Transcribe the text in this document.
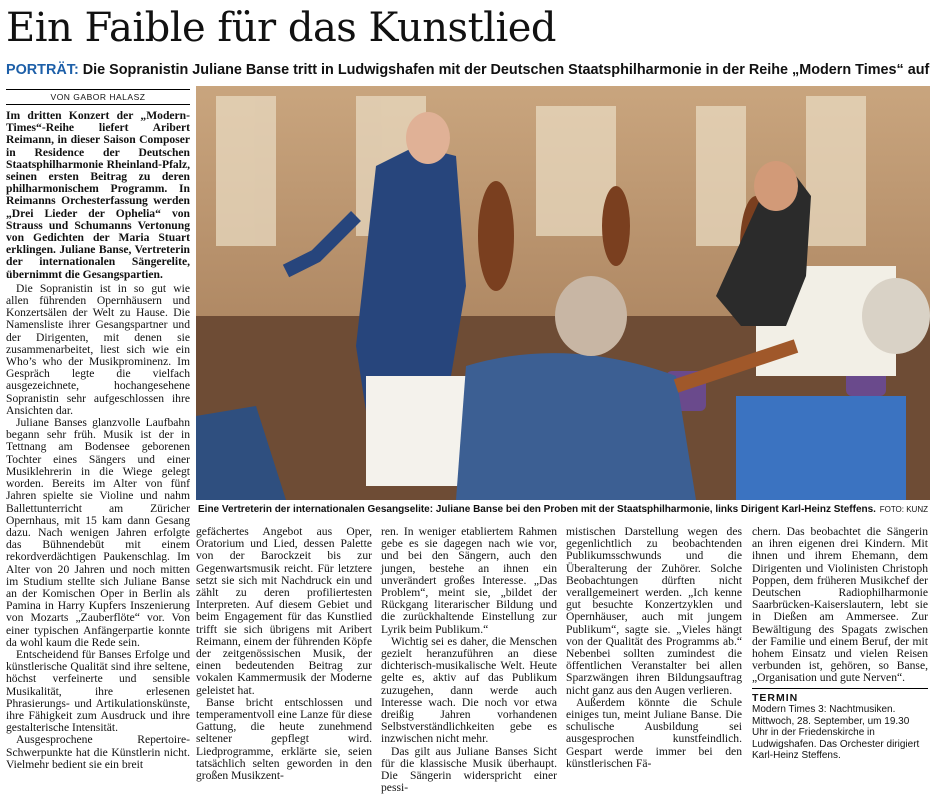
Ein Faible für das Kunstlied
PORTRÄT: Die Sopranistin Juliane Banse tritt in Ludwigshafen mit der Deutschen Staatsphilharmonie in der Reihe „Modern Times“ auf
VON GABOR HALASZ

Im dritten Konzert der „Modern-Times“-Reihe liefert Aribert Reimann, in dieser Saison Composer in Residence der Deutschen Staatsphilharmonie Rheinland-Pfalz, seinen ersten Beitrag zu deren philharmonischem Programm. In Reimanns Orchesterfassung werden „Drei Lieder der Ophelia“ von Strauss und Schumanns Vertonung von Gedichten der Maria Stuart erklingen. Juliane Banse, Vertreterin der internationalen Sängerelite, übernimmt die Gesangspartien.

Die Sopranistin ist in so gut wie allen führenden Opernhäusern und Konzertsälen der Welt zu Hause. Die Namensliste ihrer Gesangspartner und der Dirigenten, mit denen sie zusammenarbeitet, liest sich wie ein Who’s who der Musikprominenz. Im Gespräch legte die vielfach ausgezeichnete, hochangesehene Sopranistin sehr aufgeschlossen ihre Ansichten dar.

Juliane Banses glanzvolle Laufbahn begann sehr früh. Musik ist der in Tettnang am Bodensee geborenen Tochter eines Sängers und einer Musiklehrerin in die Wiege gelegt worden. Bereits im Alter von fünf Jahren spielte sie Violine und nahm Ballettunterricht am Züricher Opernhaus, mit 15 kam dann Gesang dazu. Nach wenigen Jahren erfolgte das Bühnendebüt mit einem rekordverdächtigen Paukenschlag. Im Alter von 20 Jahren und noch mitten im Studium stellte sich Juliane Banse an der Komischen Oper in Berlin als Pamina in Harry Kupfers Inszenierung von Mozarts „Zauberflöte“ vor. Von einer typischen Anfängerpartie konnte da wohl kaum die Rede sein.

Entscheidend für Banses Erfolge und künstlerische Qualität sind ihre seltene, höchst verfeinerte und sensible Musikalität, ihre erlesenen Phrasierungs- und Artikulationskünste, ihre Fähigkeit zum Ausdruck und ihre gestalterische Intensität.

Ausgesprochene Repertoire-Schwerpunkte hat die Künstlerin nicht. Vielmehr bedient sie ein breit

Eine Vertreterin der internationalen Gesangselite: Juliane Banse bei den Proben mit der Staatsphilharmonie, links Dirigent Karl-Heinz Steffens. FOTO: KUNZ

gefächertes Angebot aus Oper, Oratorium und Lied, dessen Palette von der Barockzeit bis zur Gegenwartsmusik reicht. Für letztere setzt sie sich mit Nachdruck ein und zählt zu deren profiliertesten Interpreten. Auf diesem Gebiet und beim Engagement für das Kunstlied trifft sie sich übrigens mit Aribert Reimann, einem der führenden Köpfe der zeitgenössischen Musik, der einen bedeutenden Beitrag zur vokalen Kammermusik der Moderne geleistet hat.

Banse bricht entschlossen und temperamentvoll eine Lanze für diese Gattung, die heute zunehmend seltener gepflegt wird. Liedprogramme, erklärte sie, seien tatsächlich selten geworden in den großen Musikzent-

ren. In weniger etabliertem Rahmen gebe es sie dagegen nach wie vor, und bei den Sängern, auch den jungen, bestehe an ihnen ein unverändert großes Interesse. „Das Problem“, meint sie, „bildet der Rückgang literarischer Bildung und die zurückhaltende Einstellung zur Lyrik beim Publikum.“

Wichtig sei es daher, die Menschen gezielt heranzuführen an diese dichterisch-musikalische Welt. Heute gelte es, aktiv auf das Publikum zuzugehen, dann werde auch Interesse wach. Die noch vor etwa dreißig Jahren vorhandenen Selbstverständlichkeiten gebe es inzwischen nicht mehr.

Das gilt aus Juliane Banses Sicht für die klassische Musik überhaupt. Die Sängerin widerspricht einer pessi-

mistischen Darstellung wegen des gegenlichtlich zu beobachtenden Publikumsschwunds und die Überalterung der Zuhörer. Solche Beobachtungen dürften nicht verallgemeinert werden. „Ich kenne gut besuchte Konzertzyklen und Opernhäuser, auch mit jungem Publikum“, sagte sie. „Vieles hängt von der Qualität des Programms ab.“ Nebenbei sollten zumindest die öffentlichen Veranstalter bei allen Sparzwängen ihren Bildungsauftrag nicht ganz aus den Augen verlieren.

Außerdem könnte die Schule einiges tun, meint Juliane Banse. Die schulische Ausbildung sei ausgesprochen kunstfeindlich. Gespart werde immer bei den künstlerischen Fä-

chern. Das beobachtet die Sängerin an ihren eigenen drei Kindern. Mit ihnen und ihrem Ehemann, dem Dirigenten und Violinisten Christoph Poppen, dem früheren Musikchef der Deutschen Radiophilharmonie Saarbrücken-Kaiserslautern, lebt sie in Dießen am Ammersee. Zur Bewältigung des Spagats zwischen der Familie und einem Beruf, der mit hohem Einsatz und vielen Reisen verbunden ist, gehören, so Banse, „Organisation und gute Nerven“.

TERMIN
Modern Times 3: Nachtmusiken. Mittwoch, 28. September, um 19.30 Uhr in der Friedenskirche in Ludwigshafen. Das Orchester dirigiert Karl-Heinz Steffens.
